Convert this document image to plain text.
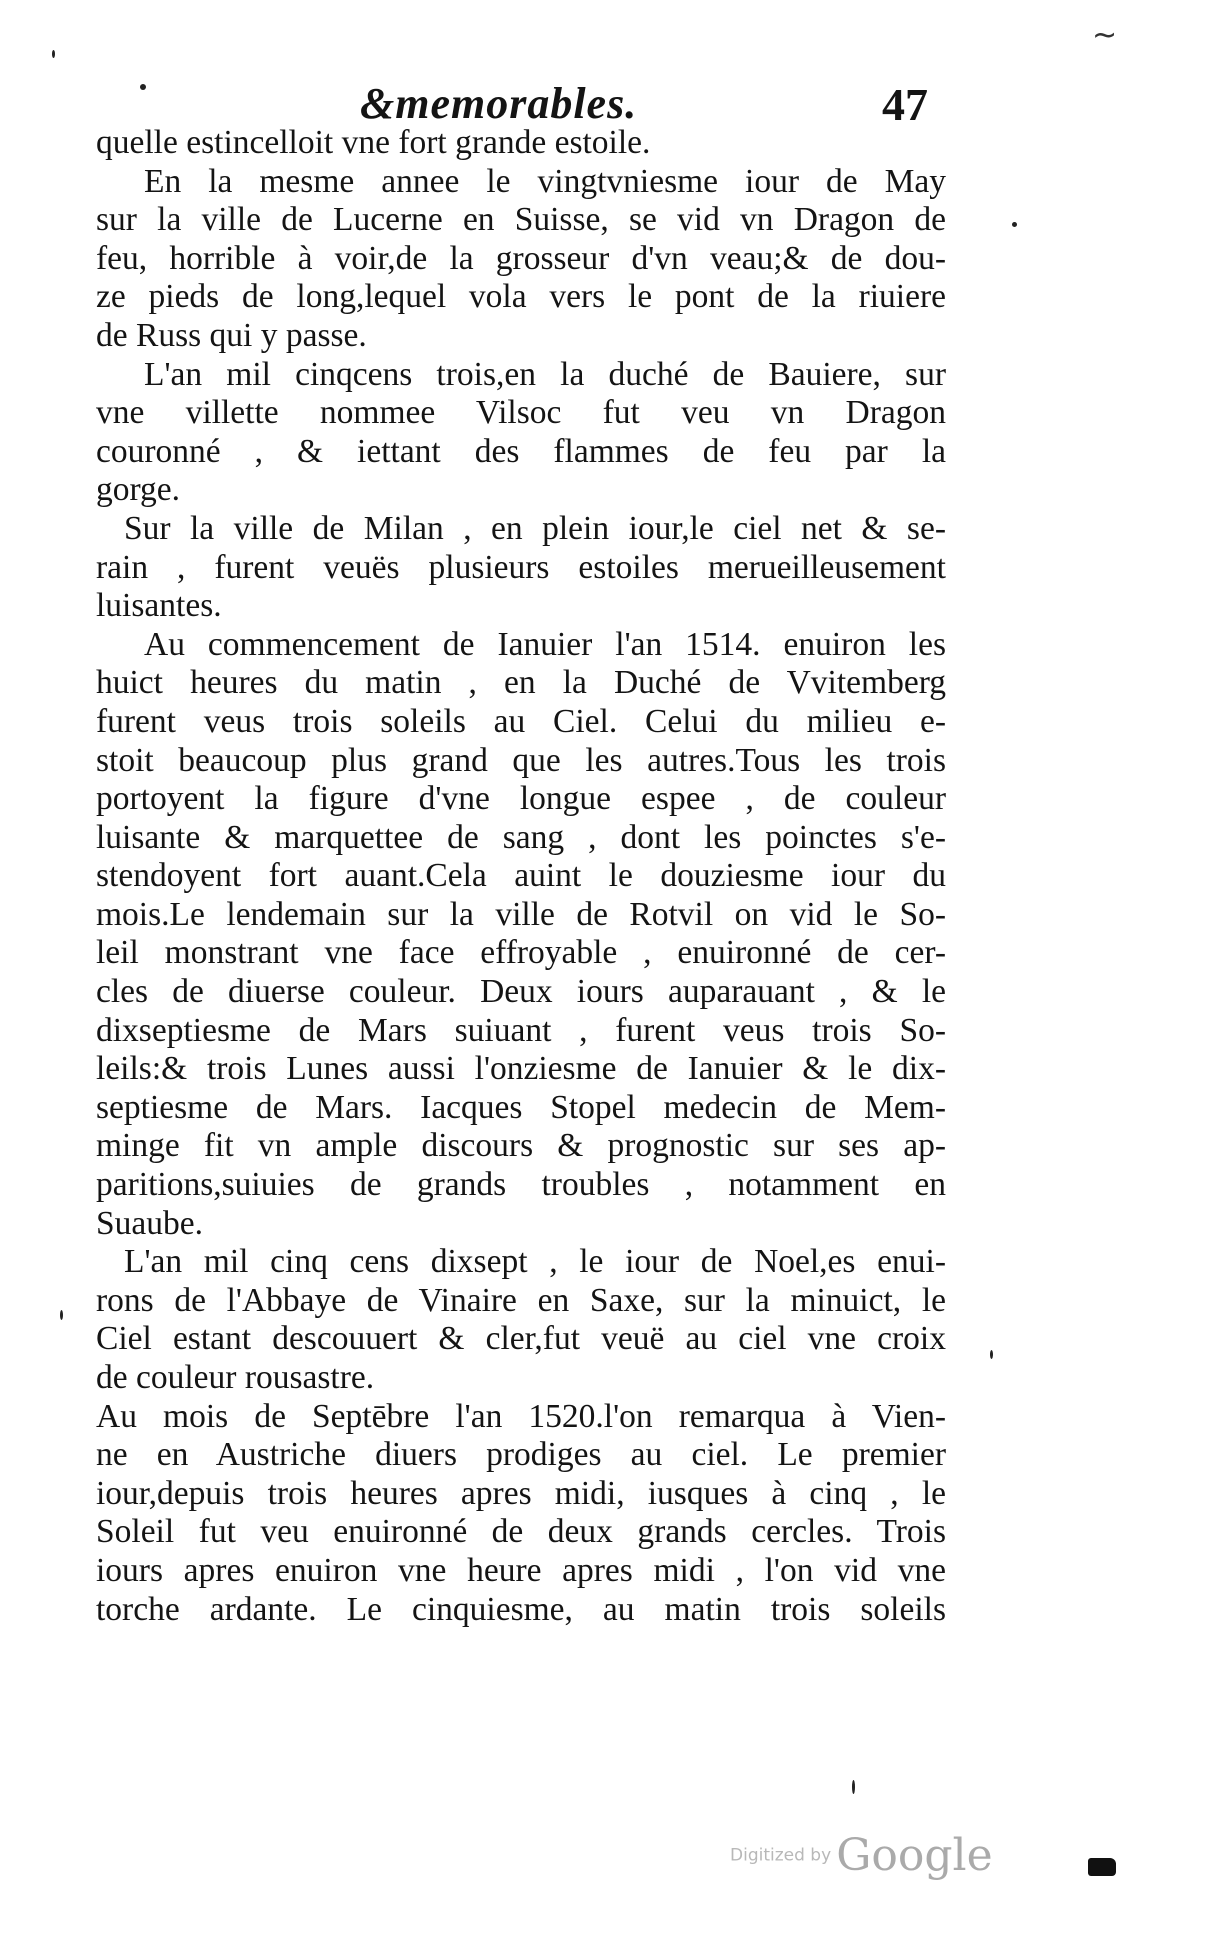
~
&memorables.	47
quelle estincelloit vne fort grande estoile.
En la mesme annee le vingtvniesme iour de May
sur la ville de Lucerne en Suisse, se vid vn Dragon de
feu, horrible à voir,de la grosseur d'vn veau;& de dou-
ze pieds de long,lequel vola vers le pont de la riuiere
de Russ qui y passe.
L'an mil cinqcens trois,en la duché de Bauiere, sur
vne villette nommee Vilsoc fut veu vn Dragon
couronné , & iettant des flammes de feu par la
gorge.
Sur la ville de Milan , en plein iour,le ciel net & se-
rain , furent veuës plusieurs estoiles merueilleusement
luisantes.
Au commencement de Ianuier l'an 1514. enuiron les
huict heures du matin , en la Duché de Vvitemberg
furent veus trois soleils au Ciel. Celui du milieu e-
stoit beaucoup plus grand que les autres.Tous les trois
portoyent la figure d'vne longue espee , de couleur
luisante & marquettee de sang , dont les poinctes s'e-
stendoyent fort auant.Cela auint le douziesme iour du
mois.Le lendemain sur la ville de Rotvil on vid le So-
leil monstrant vne face effroyable , enuironné de cer-
cles de diuerse couleur. Deux iours auparauant , & le
dixseptiesme de Mars suiuant , furent veus trois So-
leils:& trois Lunes aussi l'onziesme de Ianuier & le dix-
septiesme de Mars. Iacques Stopel medecin de Mem-
minge fit vn ample discours & prognostic sur ses ap-
paritions,suiuies de grands troubles , notamment en
Suaube.
L'an mil cinq cens dixsept , le iour de Noel,es enui-
rons de l'Abbaye de Vinaire en Saxe, sur la minuict, le
Ciel estant descouuert & cler,fut veuë au ciel vne croix
de couleur rousastre.
Au mois de Septēbre l'an 1520.l'on remarqua à Vien-
ne en Austriche diuers prodiges au ciel. Le premier
iour,depuis trois heures apres midi, iusques à cinq , le
Soleil fut veu enuironné de deux grands cercles. Trois
iours apres enuiron vne heure apres midi , l'on vid vne
torche ardante. Le cinquiesme, au matin trois soleils
Digitized by Google
